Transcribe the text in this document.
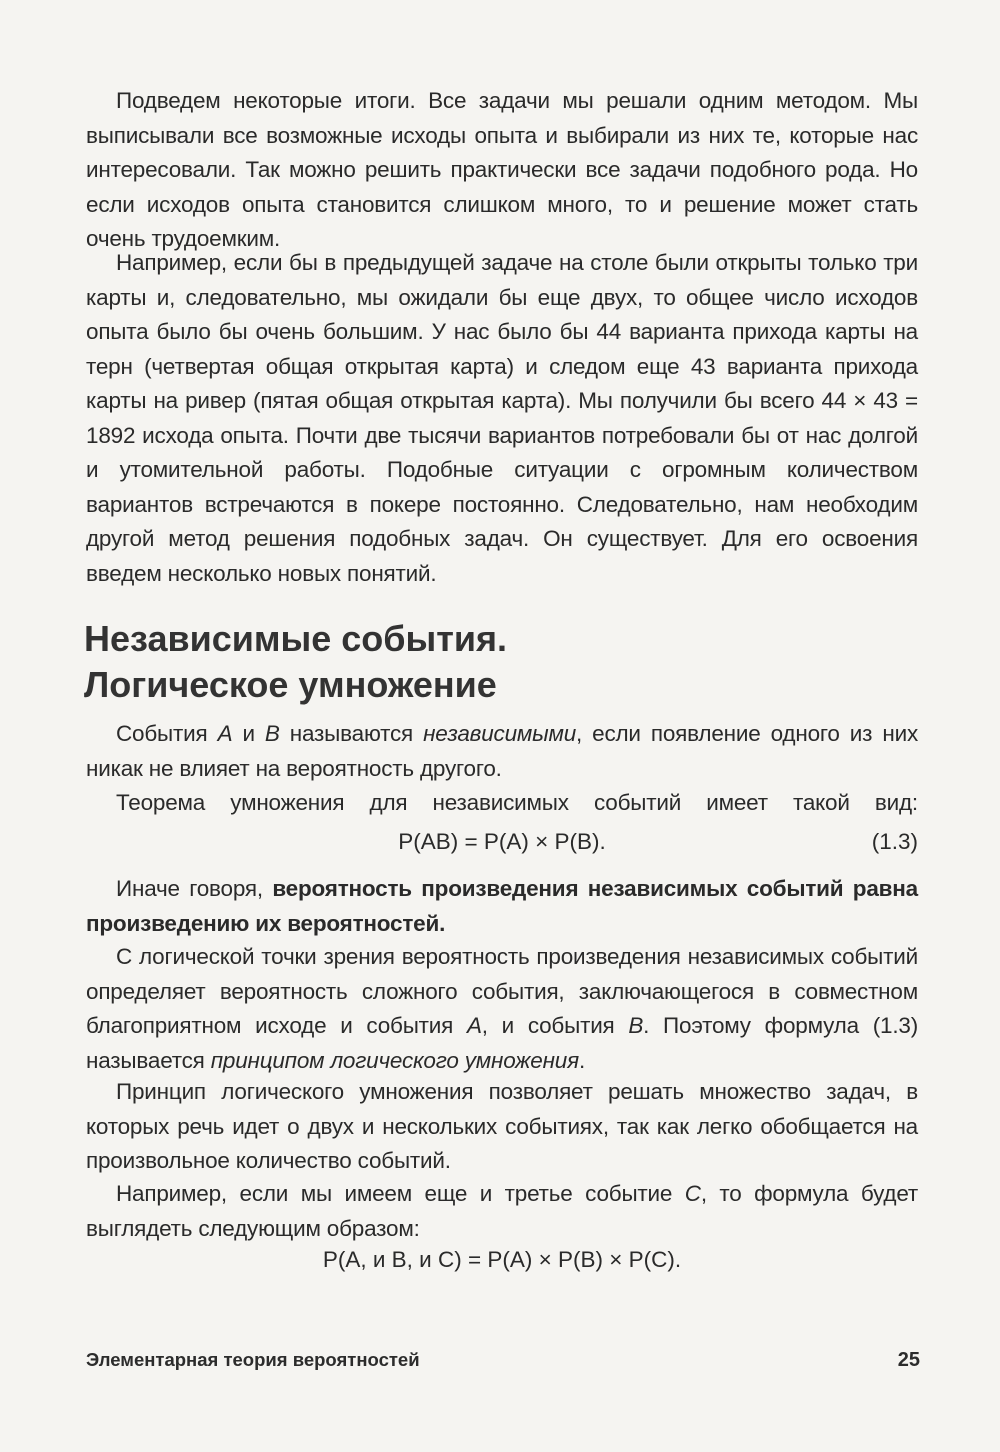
Подведем некоторые итоги. Все задачи мы решали одним методом. Мы выписывали все возможные исходы опыта и выбирали из них те, которые нас интересовали. Так можно решить практически все задачи подобного рода. Но если исходов опыта становится слишком много, то и решение может стать очень трудоемким.

Например, если бы в предыдущей задаче на столе были открыты только три карты и, следовательно, мы ожидали бы еще двух, то общее число исходов опыта было бы очень большим. У нас было бы 44 варианта прихода карты на терн (четвертая общая открытая карта) и следом еще 43 варианта прихода карты на ривер (пятая общая открытая карта). Мы получили бы всего 44 × 43 = 1892 исхода опыта. Почти две тысячи вариантов потребовали бы от нас долгой и утомительной работы. Подобные ситуации с огромным количеством вариантов встречаются в покере постоянно. Следовательно, нам необходим другой метод решения подобных задач. Он существует. Для его освоения введем несколько новых понятий.

Независимые события.
Логическое умножение

События A и B называются независимыми, если появление одного из них никак не влияет на вероятность другого.

Теорема умножения для независимых событий имеет такой вид:

P(AB) = P(A) × P(B).	(1.3)

Иначе говоря, вероятность произведения независимых событий равна произведению их вероятностей.

С логической точки зрения вероятность произведения независимых событий определяет вероятность сложного события, заключающегося в совместном благоприятном исходе и события A, и события B. Поэтому формула (1.3) называется принципом логического умножения.

Принцип логического умножения позволяет решать множество задач, в которых речь идет о двух и нескольких событиях, так как легко обобщается на произвольное количество событий.

Например, если мы имеем еще и третье событие C, то формула будет выглядеть следующим образом:

P(A, и B, и C) = P(A) × P(B) × P(C).
Элементарная теория вероятностей	25
